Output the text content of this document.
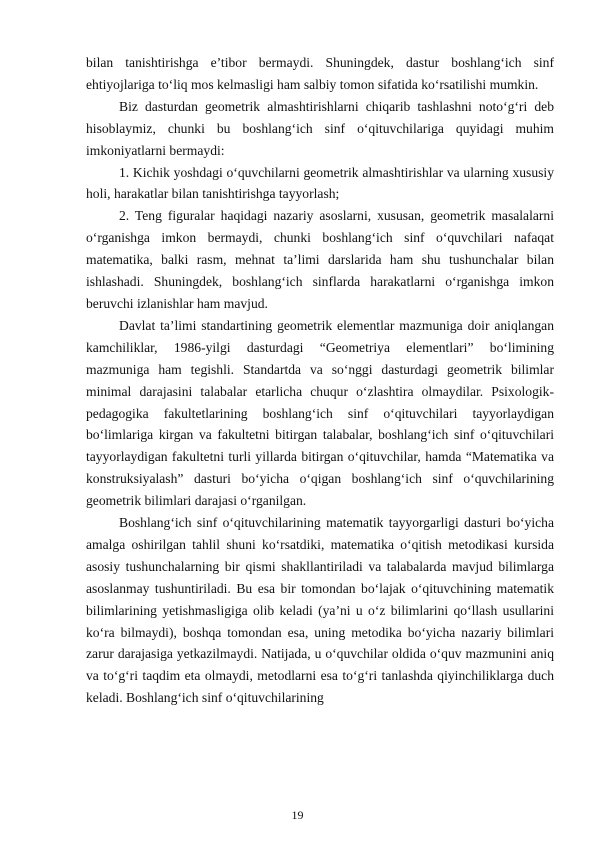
bilan tanishtirishga e’tibor bermaydi. Shuningdek, dastur boshlang‘ich sinf ehtiyojlariga to‘liq mos kelmasligi ham salbiy tomon sifatida ko‘rsatilishi mumkin.

Biz dasturdan geometrik almashtirishlarni chiqarib tashlashni noto‘g‘ri deb hisoblaymiz, chunki bu boshlang‘ich sinf o‘qituvchilariga quyidagi muhim imkoniyatlarni bermaydi:

1. Kichik yoshdagi o‘quvchilarni geometrik almashtirishlar va ularning xususiy holi, harakatlar bilan tanishtirishga tayyorlash;

2. Teng figuralar haqidagi nazariy asoslarni, xususan, geometrik masalalarni o‘rganishga imkon bermaydi, chunki boshlang‘ich sinf o‘quvchilari nafaqat matematika, balki rasm, mehnat ta’limi darslarida ham shu tushunchalar bilan ishlashadi. Shuningdek, boshlang‘ich sinflarda harakatlarni o‘rganishga imkon beruvchi izlanishlar ham mavjud.

Davlat ta’limi standartining geometrik elementlar mazmuniga doir aniqlangan kamchiliklar, 1986-yilgi dasturdagi “Geometriya elementlari” bo‘limining mazmuniga ham tegishli. Standartda va so‘nggi dasturdagi geometrik bilimlar minimal darajasini talabalar etarlicha chuqur o‘zlashtira olmaydilar. Psixologik-pedagogika fakultetlarining boshlang‘ich sinf o‘qituvchilari tayyorlaydigan bo‘limlariga kirgan va fakultetni bitirgan talabalar, boshlang‘ich sinf o‘qituvchilari tayyorlaydigan fakultetni turli yillarda bitirgan o‘qituvchilar, hamda “Matematika va konstruksiyalash” dasturi bo‘yicha o‘qigan boshlang‘ich sinf o‘quvchilarining geometrik bilimlari darajasi o‘rganilgan.

Boshlang‘ich sinf o‘qituvchilarining matematik tayyorgarligi dasturi bo‘yicha amalga oshirilgan tahlil shuni ko‘rsatdiki, matematika o‘qitish metodikasi kursida asosiy tushunchalarning bir qismi shakllantiriladi va talabalarda mavjud bilimlarga asoslanmay tushuntiriladi. Bu esa bir tomondan bo‘lajak o‘qituvchining matematik bilimlarining yetishmasligiga olib keladi (ya’ni u o‘z bilimlarini qo‘llash usullarini ko‘ra bilmaydi), boshqa tomondan esa, uning metodika bo‘yicha nazariy bilimlari zarur darajasiga yetkazilmaydi. Natijada, u o‘quvchilar oldida o‘quv mazmunini aniq va to‘g‘ri taqdim eta olmaydi, metodlarni esa to‘g‘ri tanlashda qiyinchiliklarga duch keladi. Boshlang‘ich sinf o‘qituvchilarining

19
